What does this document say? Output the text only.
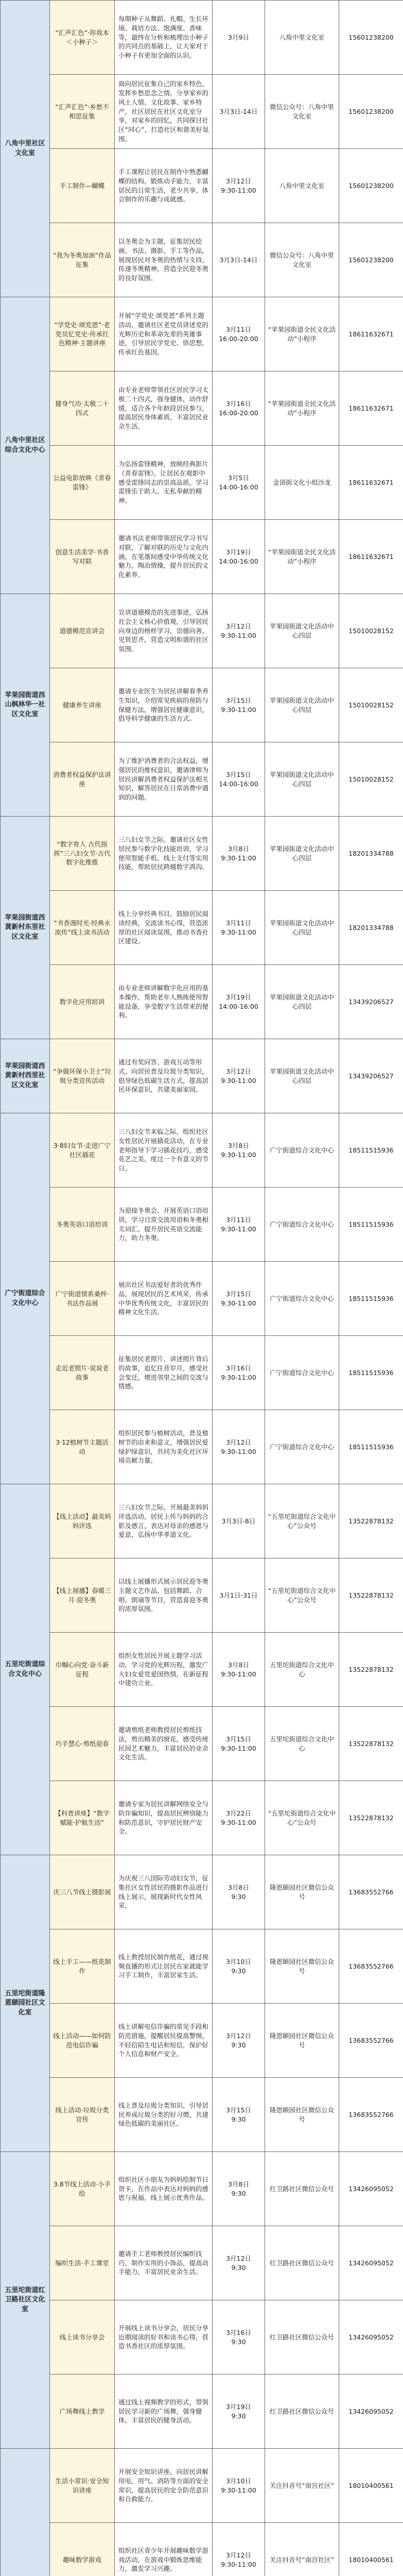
八角中里社区文化室	“汇声汇色”·你我本＜小种子＞	每期种子从舞蹈、礼帽、生长环境、栽培方法、饱满度、香味等，最终在分析和梳理出小种子的共同点的基础上，让大家对于小种子有更加全面的认识。	3月9日	八角中里文化室	15601238200
	“汇声汇色”·乡愁不相思征集	面向居民征集自己的家乡特色，发挥乡愁思念之情。分享家乡的风土人情、文化故事、家乡特产，社区居民在社区文化室分享，对家乡的回忆，共同探讨社区“同心”，打造社区和谐美好氛围。	3月3日-14日	微信公众号：八角中里文化室	15601238200
	手工制作—蝴蝶	手工课程让居民在制作中熟悉蝴蝶的结构，锻炼动手能力，丰富居民的日常生活，老少共享、体会制作的乐趣与成就感。	3月12日
9:30-11:00	八角中里文化室	15601238200
	“我为冬奥加油”作品征集	以冬奥会为主题，征集居民绘画、书法、摄影、手工等作品，展现居民对冬奥的热情与支持，传递冬奥精神，营造全民迎冬奥的良好氛围。	3月3日-14日	微信公众号：八角中里文化室	15601238200
八角中里社区综合文化中心	“学党史·颂党恩”·老党员忆党史·传承红色精神·主题讲座	开展“学党史 颂党恩”系列主题活动，邀请社区老党员讲述党的光辉历史和革命先辈的英雄事迹，引导居民学党史、悟思想，传承红色基因。	3月11日
16:00-20:00	“苹果园街道全民文化活动”小程序	18611632671
	健身气功·太极二十四式	由专业老师带领社区居民学习太极二十四式，强身健体，动作舒缓，适合各个年龄段居民参与，提高居民身体素质，丰富居民业余生活。	3月16日
16:00-20:00	“苹果园街道全民文化活动”小程序	18611632671
	公益电影放映《青春雷锋》	为弘扬雷锋精神，放映经典影片《青春雷锋》，让居民在观影中感受雷锋同志的崇高品质，学习雷锋乐于助人、无私奉献的精神。	3月5日
14:00-16:00	金顶街文化小组沙龙	18611632671
	创意生活美学·书香写对联	邀请书法老师带领居民学习书写对联，了解对联的历史与文化内涵，在笔墨间感受中华传统文化魅力，陶冶情操，提升居民的文化素养。	3月19日
14:00-16:00	“苹果园街道全民文化活动”小程序	18611632671
苹果园街道西山枫林华一社区文化室	道德模范宣讲会	宣讲道德模范的先进事迹，弘扬社会主义核心价值观，引导居民向身边的榜样学习，崇德向善、见贤思齐，营造文明和谐的社区氛围。	3月12日
9:30-11:00	苹果园街道文化活动中心四层	15010028152
	健康养生讲座	邀请专业医生为居民讲解春季养生知识，介绍常见疾病的预防与保健方法，增强居民健康意识，倡导科学健康的生活方式。	3月15日
9:30-11:00	苹果园街道文化活动中心四层	15010028152
	消费者权益保护法讲座	为了维护消费者的合法权益，增强居民的维权意识，邀请律师为居民讲解消费者权益保护法相关知识，解答居民在日常消费中遇到的问题。	3月15日
14:00-16:00	苹果园街道文化活动中心四层	15010028152
苹果园街道西黄新村东里社区文化室	“数字育人 古代指挥”三八妇女节·古代数字化维推	三八妇女节之际，邀请社区女性居民参与数字化技能培训，学习使用智能手机、线上支付等实用技能，帮助居民跨越数字鸿沟。	3月8日
9:30-11:00	苹果园街道文化活动中心四层	18201334788
	“书香漫时光·经典永流传”线上读书活动	线上分享经典书目，鼓励居民阅读经典，交流读书心得，营造浓厚的社区阅读氛围，推动书香社区建设。	3月11日
9:30-11:00	苹果园街道文化活动中心四层	18201334788
	数字化应用培训	由专业老师讲解数字化应用的基本操作，帮助老年人熟练使用智能设备，享受数字生活带来的便利。	3月19日
14:00-16:00	苹果园街道文化活动中心四层	13439206527
苹果园街道西黄新村西里社区文化室	“争做环保小卫士”垃圾分类宣传活动	通过有奖问答、游戏互动等形式，向居民普及垃圾分类知识，倡导绿色低碳生活方式，提高居民环保意识，共建美丽家园。	3月12日
9:30-11:00	苹果园街道文化活动中心四层	13439206527
广宁街道综合文化中心	3·8妇女节·走进广宁社区插花	三八妇女节来临之际，组织社区女性居民开展插花活动，在专业老师指导下学习插花技巧，感受花艺之美，度过一个有意义的节日。	3月8日
9:30-11:00	广宁街道综合文化中心	18511515936
	冬奥英语口语培训	为迎接冬奥会，开展英语口语培训，学习日常交流用语和冬奥相关词汇，提升居民英语交流能力，助力冬奥。	3月11日
9:30-11:00	广宁街道综合文化中心	18511515936
	广宁街道情系桑梓·书法作品展	展出社区书法爱好者的优秀作品，展现居民的艺术风采，传承中华优秀传统文化，丰富居民的精神文化生活。	3月15日
9:30-11:00	广宁街道综合文化中心	18511515936
	走近老照片·说说老故事	征集居民老照片，讲述照片背后的故事，追忆往昔岁月，感受社会变迁，增进邻里之间的交流与情感。	3月16日
9:30-11:00	广宁街道综合文化中心	18511515936
	3·12植树节主题活动	组织居民参与植树活动，普及植树节的由来和意义，增强居民爱绿护绿意识，共同为美化社区环境贡献力量。	3月12日
9:30-11:00	广宁街道综合文化中心	18511515936
五里坨街道综合文化中心	【线上活动】最美妈妈评选	三八妇女节之际，开展最美妈妈评选活动，居民上传与妈妈的合影及感言，表达对母亲的感恩与爱意，弘扬中华孝道文化。	3月3日-8日	“五里坨街道综合文化中心”公众号	13522878132
	【线上展播】春暖三月·迎冬奥	以线上展播形式展示居民迎冬奥主题文艺作品，包括舞蹈、合唱、朗诵等节目，营造喜迎冬奥的浓厚氛围。	3月1日-31日	“五里坨街道综合文化中心”公众号	13522878132
	巾帼心向党·奋斗新征程	组织女性居民开展主题学习活动，学习党的光辉历程，激发广大妇女爱党爱国热情，在新征程中建功立业。	3月8日
9:30-11:00	五里坨街道综合文化中心	13522878132
	巧手慧心·剪纸迎春	邀请剪纸老师教授居民剪纸技法，剪出精美的窗花，感受传统民间艺术魅力，丰富居民的业余文化生活。	3月15日
9:30-11:00	五里坨街道综合文化中心	13522878132
	【科普讲座】“数字赋能·护航生活”	邀请专家为居民讲解网络安全与防诈骗知识，提高居民辨别能力和防范意识，守护居民财产安全。	3月22日
9:30-11:00	“五里坨街道综合文化中心”公众号	13522878132
五里坨街道隆恩颐园社区文化室	庆三八节线上摄影展	为庆祝三八国际劳动妇女节，征集社区女性居民的摄影作品进行线上展示，展现新时代女性风采。	3月8日
9:30	隆恩颐园社区微信公众号	13683552766
	线上手工——纸花制作	线上教授居民制作纸花，通过视频直播的形式让居民在家就能学习手工制作，丰富居家生活。	3月10日
9:30	隆恩颐园社区微信公众号	13683552766
	线上活动——如何防范电信诈骗	线上讲解电信诈骗的常见手段和防范措施，提醒居民提高警惕，不轻信陌生电话和短信，保护好个人信息和财产安全。	3月12日
9:30	隆恩颐园社区微信公众号	13683552766
	线上活动·垃圾分类宣传	线上普及垃圾分类知识，引导居民养成垃圾分类的好习惯，共建绿色低碳的美丽社区。	3月15日
9:30	隆恩颐园社区微信公众号	13683552766
五里坨街道红卫路社区文化室	3.8节线上活动·小手绘	组织社区小朋友为妈妈绘制节日贺卡，在作品中表达对妈妈的感恩与祝福，线上展示优秀作品。	3月8日
9:30	红卫路社区微信公众号	13426095052
	编织生活·手工课堂	邀请手工老师教授居民编织技巧，制作实用的小饰品，提高动手能力，丰富居民业余生活。	3月12日
9:30	红卫路社区微信公众号	13426095052
	线上读书分享会	开展线上读书分享会，居民分享近期阅读的好书和读书心得，营造书香社区的浓厚氛围。	3月16日
9:30	红卫路社区微信公众号	13426095052
	广场舞线上教学	通过线上视频教学的形式，带领居民学习新的广场舞，强身健体，丰富居民的健身活动。	3月19日
9:30	红卫路社区微信公众号	13426095052
	生活小常识·安全知识讲座	开展安全知识讲座，向居民讲解用电、用气、消防等方面的安全常识，提高居民的安全防范意识和自救能力。	3月10日
9:30-11:00	关注抖音号“南宫社区”	18010400561
	趣味数学游戏	组织社区青少年开展趣味数学游戏活动，在游戏中锻炼思维能力，激发学习兴趣。	3月12日
9:30-11:00	关注抖音号“南宫社区”	18010400561
